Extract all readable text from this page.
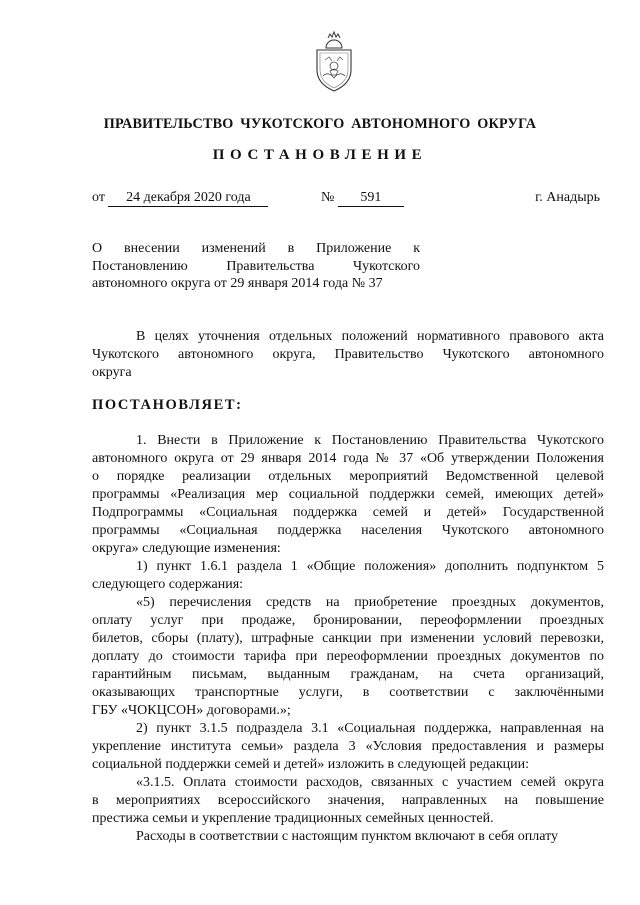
ПРАВИТЕЛЬСТВО ЧУКОТСКОГО АВТОНОМНОГО ОКРУГА
ПОСТАНОВЛЕНИЕ
от 24 декабря 2020 года	№ 591	г. Анадырь
О внесении изменений в Приложение к
Постановлению Правительства Чукотского
автономного округа от 29 января 2014 года № 37
В целях уточнения отдельных положений нормативного правового акта
Чукотского автономного округа, Правительство Чукотского автономного
округа
ПОСТАНОВЛЯЕТ:
1. Внести в Приложение к Постановлению Правительства Чукотского
автономного округа от 29 января 2014 года № 37 «Об утверждении Положения
о порядке реализации отдельных мероприятий Ведомственной целевой
программы «Реализация мер социальной поддержки семей, имеющих детей»
Подпрограммы «Социальная поддержка семей и детей» Государственной
программы «Социальная поддержка населения Чукотского автономного
округа» следующие изменения:
1) пункт 1.6.1 раздела 1 «Общие положения» дополнить подпунктом 5
следующего содержания:
«5) перечисления средств на приобретение проездных документов,
оплату услуг при продаже, бронировании, переоформлении проездных
билетов, сборы (плату), штрафные санкции при изменении условий перевозки,
доплату до стоимости тарифа при переоформлении проездных документов по
гарантийным письмам, выданным гражданам, на счета организаций,
оказывающих транспортные услуги, в соответствии с заключёнными
ГБУ «ЧОКЦСОН» договорами.»;
2) пункт 3.1.5 подраздела 3.1 «Социальная поддержка, направленная на
укрепление института семьи» раздела 3 «Условия предоставления и размеры
социальной поддержки семей и детей» изложить в следующей редакции:
«3.1.5. Оплата стоимости расходов, связанных с участием семей округа
в мероприятиях всероссийского значения, направленных на повышение
престижа семьи и укрепление традиционных семейных ценностей.
Расходы в соответствии с настоящим пунктом включают в себя оплату
